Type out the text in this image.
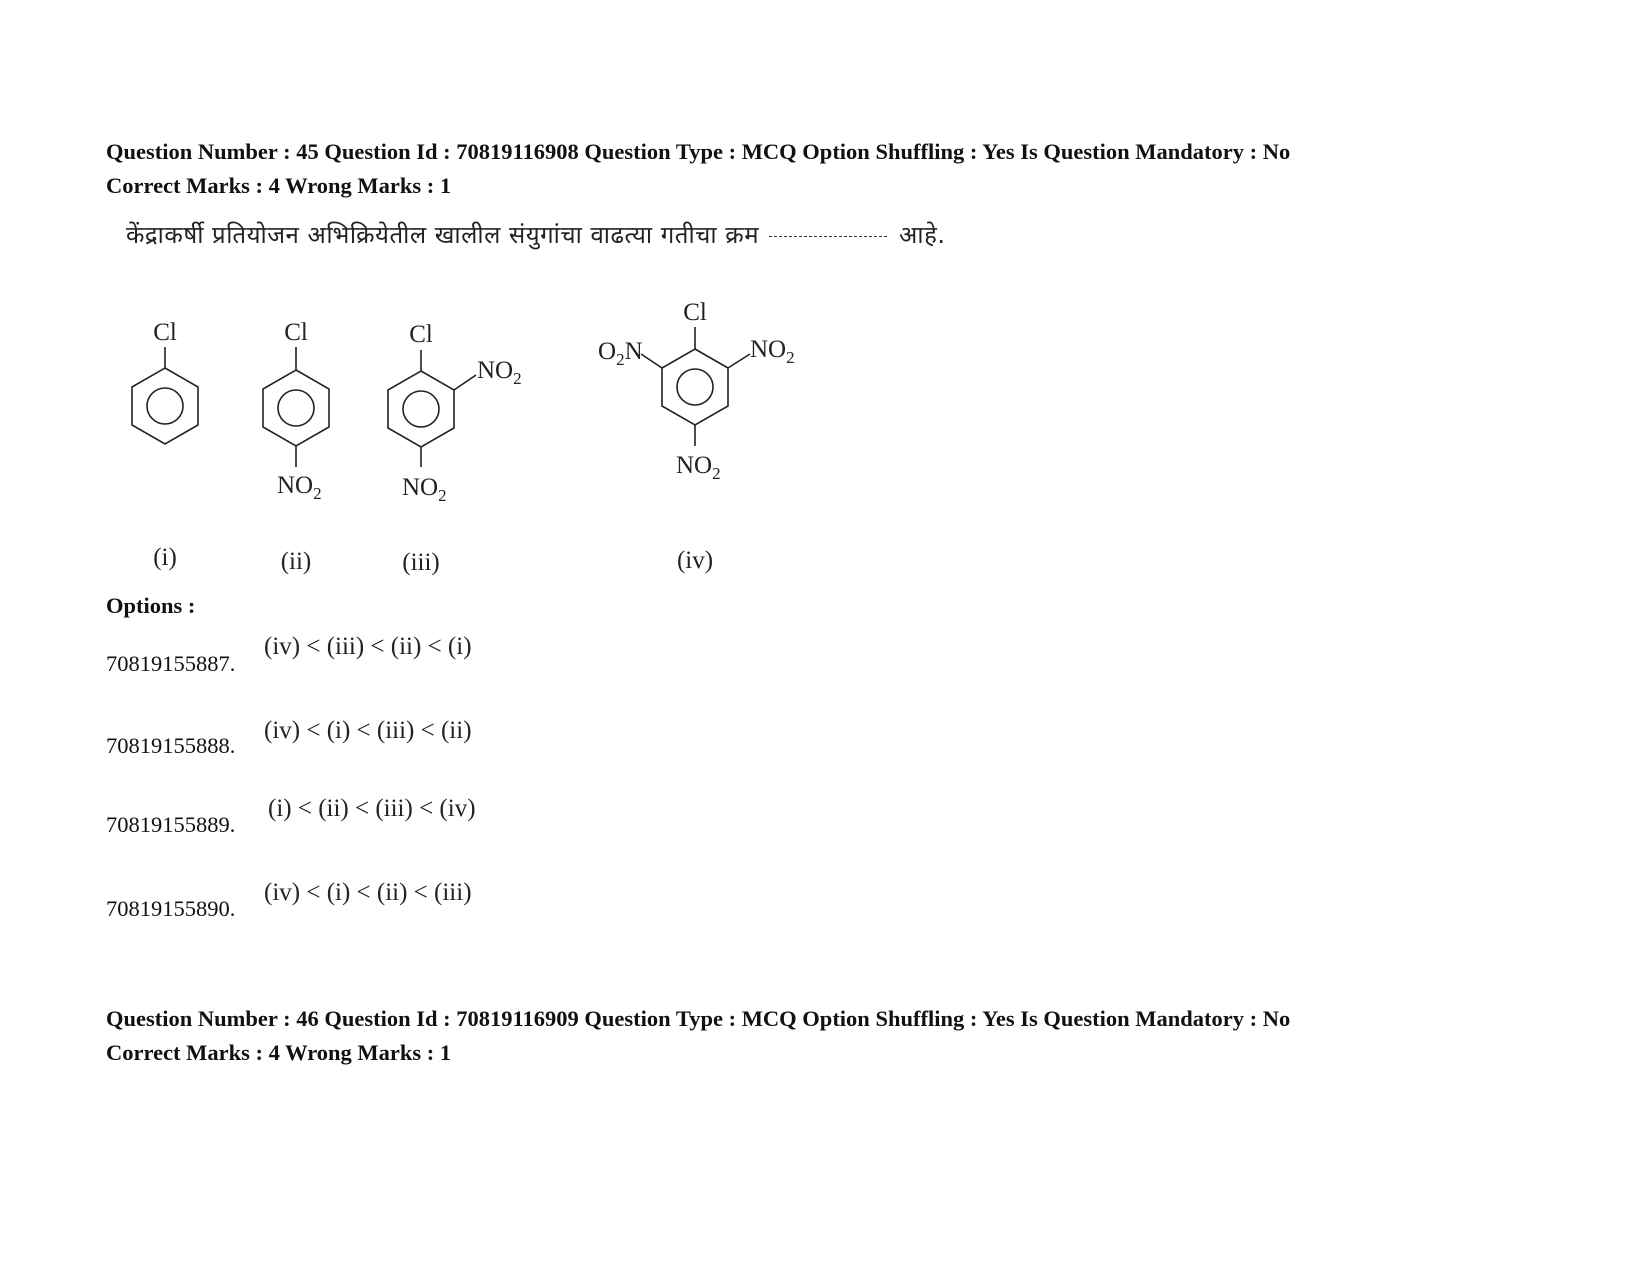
Question Number : 45 Question Id : 70819116908 Question Type : MCQ Option Shuffling : Yes Is Question Mandatory : No
Correct Marks : 4 Wrong Marks : 1
केंद्राकर्षी प्रतियोजन अभिक्रियेतील खालील संयुगांचा वाढत्या गतीचा क्रम	आहे.
Cl
(i)
Cl
$NO_2$
(ii)
Cl
$NO_2$
$NO_2$
(iii)
Cl
$O_2N$	$NO_2$
$NO_2$
(iv)
Options :
70819155887.
(iv) < (iii) < (ii) < (i)
70819155888.
(iv) < (i) < (iii) < (ii)
70819155889.
(i) < (ii) < (iii) < (iv)
70819155890.
(iv) < (i) < (ii) < (iii)
Question Number : 46 Question Id : 70819116909 Question Type : MCQ Option Shuffling : Yes Is Question Mandatory : No
Correct Marks : 4 Wrong Marks : 1
